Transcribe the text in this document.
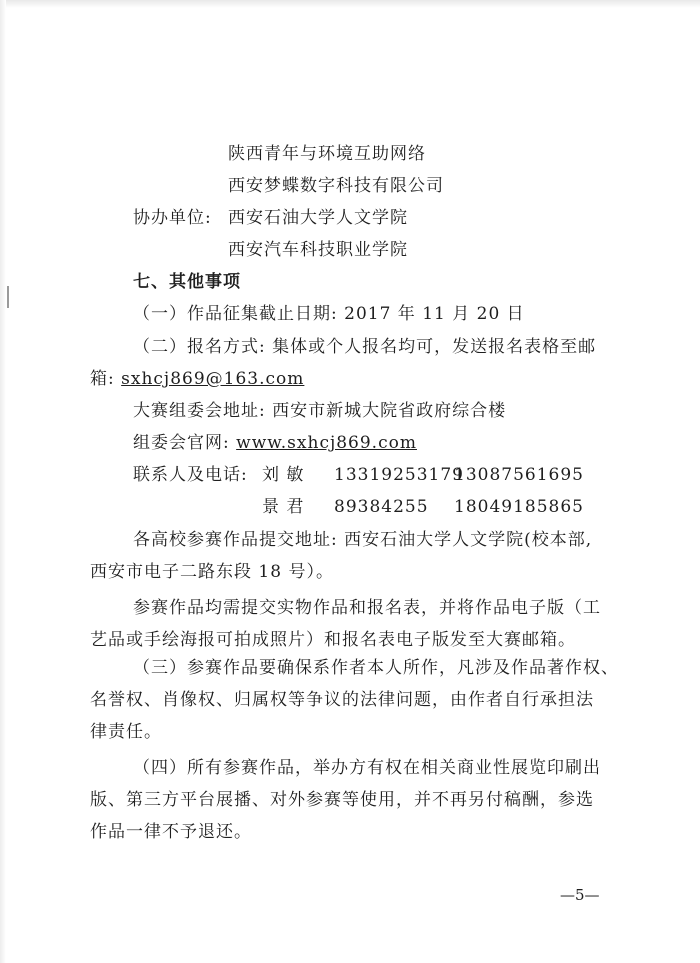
陕西青年与环境互助网络
西安梦蝶数字科技有限公司
协办单位: 西安石油大学人文学院
西安汽车科技职业学院
七、其他事项
（一）作品征集截止日期: 2017 年 11 月 20 日
（二）报名方式: 集体或个人报名均可，发送报名表格至邮
箱: sxhcj869@163.com
大赛组委会地址: 西安市新城大院省政府综合楼
组委会官网: www.sxhcj869.com
联系人及电话: 刘 敏 13319253179
13087561695
景 君 89384255 18049185865
各高校参赛作品提交地址: 西安石油大学人文学院(校本部,
西安市电子二路东段 18 号）。
参赛作品均需提交实物作品和报名表，并将作品电子版（工
艺品或手绘海报可拍成照片）和报名表电子版发至大赛邮箱。
（三）参赛作品要确保系作者本人所作，凡涉及作品著作权、
名誉权、肖像权、归属权等争议的法律问题，由作者自行承担法
律责任。
（四）所有参赛作品，举办方有权在相关商业性展览印刷出
版、第三方平台展播、对外参赛等使用，并不再另付稿酬，参选
作品一律不予退还。
—5—
